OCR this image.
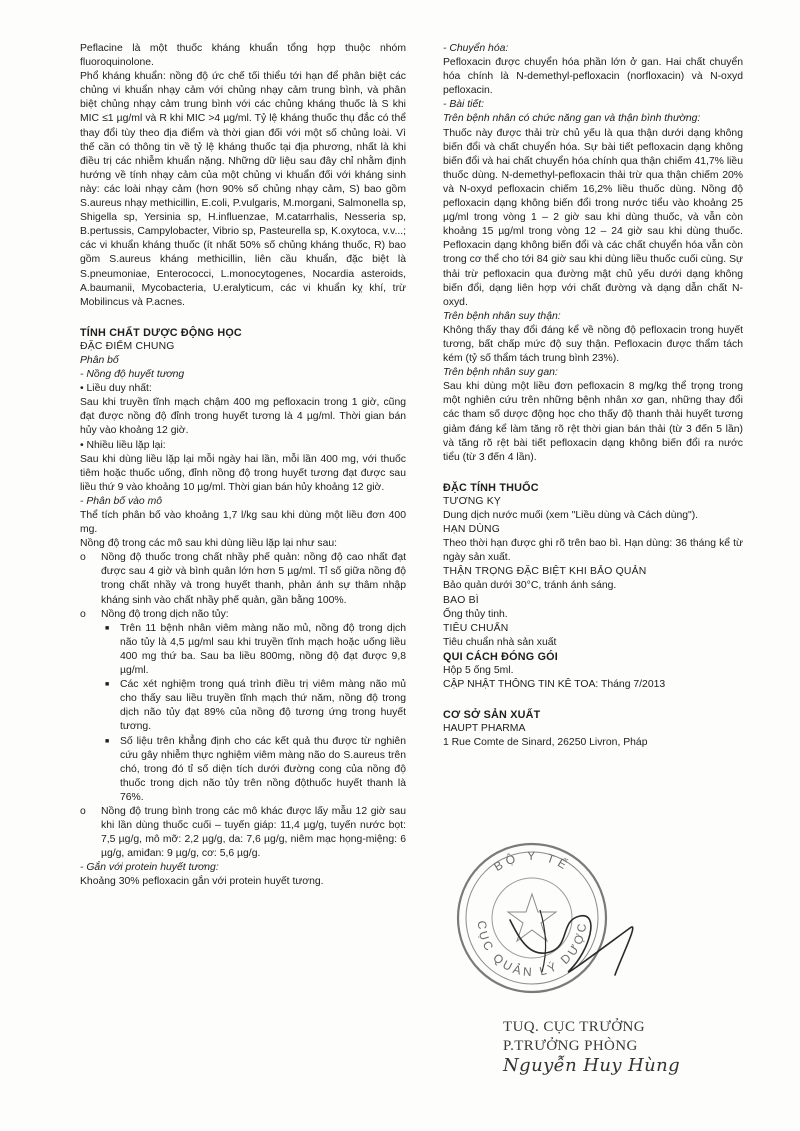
Peflacine là một thuốc kháng khuẩn tổng hợp thuộc nhóm fluoroquinolone.

Phổ kháng khuẩn: nồng độ ức chế tối thiểu tới hạn để phân biệt các chủng vi khuẩn nhạy cảm với chủng nhạy cảm trung bình, và phân biệt chủng nhạy cảm trung bình với các chủng kháng thuốc là S khi MIC ≤1 µg/ml và R khi MIC >4 µg/ml. Tỷ lệ kháng thuốc thụ đắc có thể thay đổi tùy theo địa điểm và thời gian đối với một số chủng loài. Vì thế cần có thông tin về tỷ lệ kháng thuốc tại địa phương, nhất là khi điều trị các nhiễm khuẩn nặng. Những dữ liệu sau đây chỉ nhằm định hướng về tính nhạy cảm của một chủng vi khuẩn đối với kháng sinh này: các loài nhạy cảm (hơn 90% số chủng nhạy cảm, S) bao gồm S.aureus nhạy methicillin, E.coli, P.vulgaris, M.morgani, Salmonella sp, Shigella sp, Yersinia sp, H.influenzae, M.catarrhalis, Nesseria sp, B.pertussis, Campylobacter, Vibrio sp, Pasteurella sp, K.oxytoca, v.v...; các vi khuẩn kháng thuốc (ít nhất 50% số chủng kháng thuốc, R) bao gồm S.aureus kháng methicillin, liên cầu khuẩn, đặc biệt là S.pneumoniae, Enterococci, L.monocytogenes, Nocardia asteroids, A.baumanii, Mycobacteria, U.eralyticum, các vi khuẩn kỵ khí, trừ Mobilincus và P.acnes.

TÍNH CHẤT DƯỢC ĐỘNG HỌC

ĐẶC ĐIỂM CHUNG

Phân bố

- Nồng độ huyết tương

• Liều duy nhất:

Sau khi truyền tĩnh mạch chậm 400 mg pefloxacin trong 1 giờ, cũng đạt được nồng độ đỉnh trong huyết tương là 4 µg/ml. Thời gian bán hủy vào khoảng 12 giờ.

• Nhiều liều lặp lại:

Sau khi dùng liều lặp lại mỗi ngày hai lần, mỗi lần 400 mg, với thuốc tiêm hoặc thuốc uống, đỉnh nồng độ trong huyết tương đạt được sau liều thứ 9 vào khoảng 10 µg/ml. Thời gian bán hủy khoảng 12 giờ.

- Phân bố vào mô

Thể tích phân bố vào khoảng 1,7 l/kg sau khi dùng một liều đơn 400 mg.

Nồng độ trong các mô sau khi dùng liều lặp lại như sau:

o Nồng độ thuốc trong chất nhầy phế quản: nồng độ cao nhất đạt được sau 4 giờ và bình quân lớn hơn 5 µg/ml. Tỉ số giữa nồng độ trong chất nhầy và trong huyết thanh, phản ánh sự thâm nhập kháng sinh vào chất nhầy phế quản, gần bằng 100%.

o Nồng độ trong dịch não tủy:

■ Trên 11 bệnh nhân viêm màng não mủ, nồng độ trong dịch não tủy là 4,5 µg/ml sau khi truyền tĩnh mạch hoặc uống liều 400 mg thứ ba. Sau ba liều 800mg, nồng độ đạt được 9,8 µg/ml.

■ Các xét nghiệm trong quá trình điều trị viêm màng não mủ cho thấy sau liều truyền tĩnh mạch thứ năm, nồng độ trong dịch não tủy đạt 89% của nồng độ tương ứng trong huyết tương.

■ Số liệu trên khẳng định cho các kết quả thu được từ nghiên cứu gây nhiễm thực nghiệm viêm màng não do S.aureus trên chó, trong đó tỉ số diện tích dưới đường cong của nồng độ thuốc trong dịch não tủy trên nồng độthuốc huyết thanh là 76%.

o Nồng độ trung bình trong các mô khác được lấy mẫu 12 giờ sau khi lần dùng thuốc cuối – tuyến giáp: 11,4 µg/g, tuyến nước bọt: 7,5 µg/g, mô mỡ: 2,2 µg/g, da: 7,6 µg/g, niêm mạc họng-miệng: 6 µg/g, amiđan: 9 µg/g, cơ: 5,6 µg/g.

- Gắn với protein huyết tương:

Khoảng 30% pefloxacin gắn với protein huyết tương.

- Chuyển hóa:

Pefloxacin được chuyển hóa phần lớn ở gan. Hai chất chuyển hóa chính là N-demethyl-pefloxacin (norfloxacin) và N-oxyd pefloxacin.

- Bài tiết:

Trên bệnh nhân có chức năng gan và thận bình thường:

Thuốc này được thải trừ chủ yếu là qua thận dưới dạng không biến đổi và chất chuyển hóa. Sự bài tiết pefloxacin dạng không biến đổi và hai chất chuyển hóa chính qua thận chiếm 41,7% liều thuốc dùng. N-demethyl-pefloxacin thải trừ qua thận chiếm 20% và N-oxyd pefloxacin chiếm 16,2% liều thuốc dùng. Nồng độ pefloxacin dạng không biến đổi trong nước tiểu vào khoảng 25 µg/ml trong vòng 1 – 2 giờ sau khi dùng thuốc, và vẫn còn khoảng 15 µg/ml trong vòng 12 – 24 giờ sau khi dùng thuốc. Pefloxacin dạng không biến đổi và các chất chuyển hóa vẫn còn trong cơ thể cho tới 84 giờ sau khi dùng liều thuốc cuối cùng. Sự thải trừ pefloxacin qua đường mật chủ yếu dưới dạng không biến đổi, dạng liên hợp với chất đường và dạng dẫn chất N-oxyd.

Trên bệnh nhân suy thận:

Không thấy thay đổi đáng kể về nồng độ pefloxacin trong huyết tương, bất chấp mức độ suy thận. Pefloxacin được thẩm tách kém (tỷ số thẩm tách trung bình 23%).

Trên bệnh nhân suy gan:

Sau khi dùng một liều đơn pefloxacin 8 mg/kg thể trọng trong một nghiên cứu trên những bệnh nhân xơ gan, những thay đổi các tham số dược động học cho thấy độ thanh thải huyết tương giảm đáng kể làm tăng rõ rệt thời gian bán thải (từ 3 đến 5 lần) và tăng rõ rệt bài tiết pefloxacin dạng không biến đổi ra nước tiểu (từ 3 đến 4 lần).

ĐẶC TÍNH THUỐC

TƯƠNG KỴ

Dung dịch nước muối (xem "Liều dùng và Cách dùng").

HẠN DÙNG

Theo thời hạn được ghi rõ trên bao bì. Hạn dùng: 36 tháng kể từ ngày sản xuất.

THẬN TRỌNG ĐẶC BIỆT KHI BẢO QUẢN

Bảo quản dưới 30°C, tránh ánh sáng.

BAO BÌ

Ống thủy tinh.

TIÊU CHUẨN

Tiêu chuẩn nhà sản xuất

QUI CÁCH ĐÓNG GÓI

Hộp 5 ống 5ml.

CẬP NHẬT THÔNG TIN KÊ TOA: Tháng 7/2013

CƠ SỞ SẢN XUẤT

HAUPT PHARMA

1 Rue Comte de Sinard, 26250 Livron, Pháp

BỘ Y TẾ
CỤC QUẢN LÝ DƯỢC
TUQ. CỤC TRƯỞNG
P.TRƯỞNG PHÒNG
Nguyễn Huy Hùng
